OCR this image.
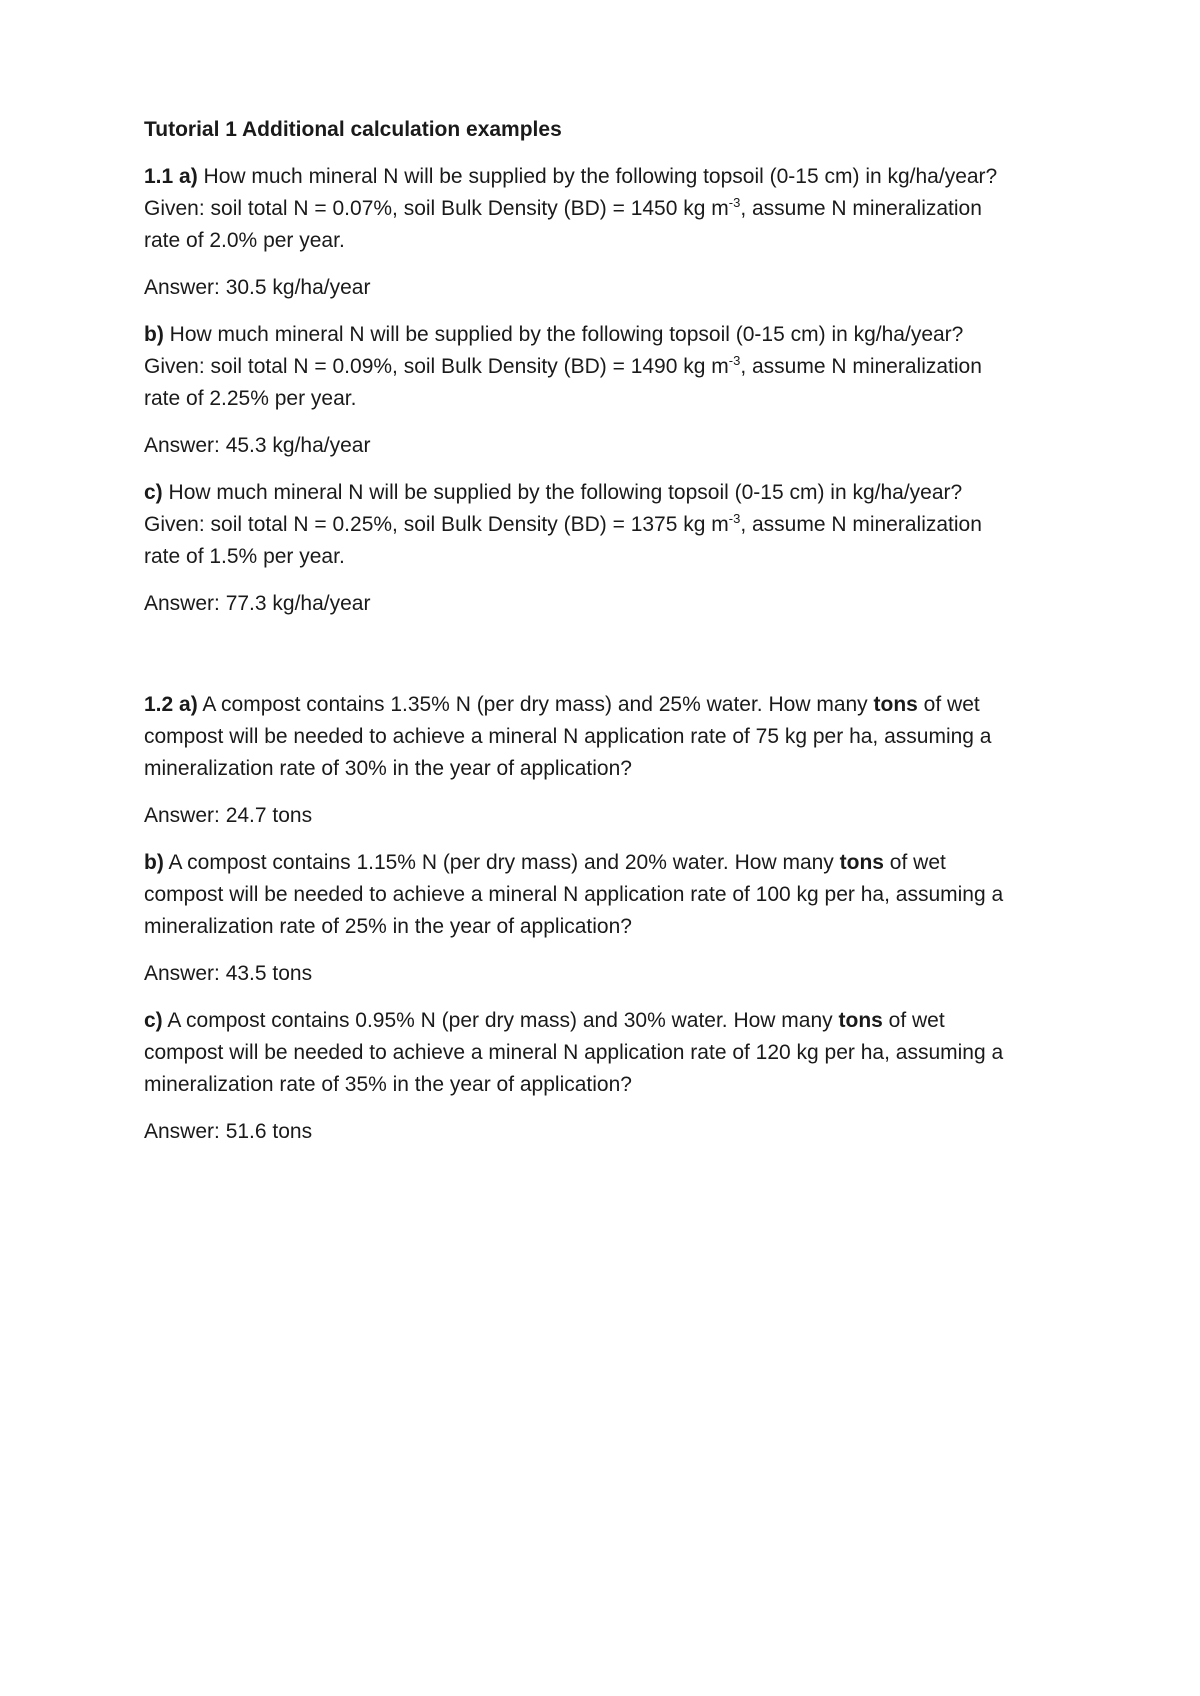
Tutorial 1 Additional calculation examples
1.1 a) How much mineral N will be supplied by the following topsoil (0-15 cm) in kg/ha/year?
Given: soil total N = 0.07%, soil Bulk Density (BD) = 1450 kg $m^{-3}$, assume N mineralization
rate of 2.0% per year.
Answer: 30.5 kg/ha/year
b) How much mineral N will be supplied by the following topsoil (0-15 cm) in kg/ha/year?
Given: soil total N = 0.09%, soil Bulk Density (BD) = 1490 kg $m^{-3}$, assume N mineralization
rate of 2.25% per year.
Answer: 45.3 kg/ha/year
c) How much mineral N will be supplied by the following topsoil (0-15 cm) in kg/ha/year?
Given: soil total N = 0.25%, soil Bulk Density (BD) = 1375 kg $m^{-3}$, assume N mineralization
rate of 1.5% per year.
Answer: 77.3 kg/ha/year
1.2 a) A compost contains 1.35% N (per dry mass) and 25% water. How many tons of wet
compost will be needed to achieve a mineral N application rate of 75 kg per ha, assuming a
mineralization rate of 30% in the year of application?
Answer: 24.7 tons
b) A compost contains 1.15% N (per dry mass) and 20% water. How many tons of wet
compost will be needed to achieve a mineral N application rate of 100 kg per ha, assuming a
mineralization rate of 25% in the year of application?
Answer: 43.5 tons
c) A compost contains 0.95% N (per dry mass) and 30% water. How many tons of wet
compost will be needed to achieve a mineral N application rate of 120 kg per ha, assuming a
mineralization rate of 35% in the year of application?
Answer: 51.6 tons
